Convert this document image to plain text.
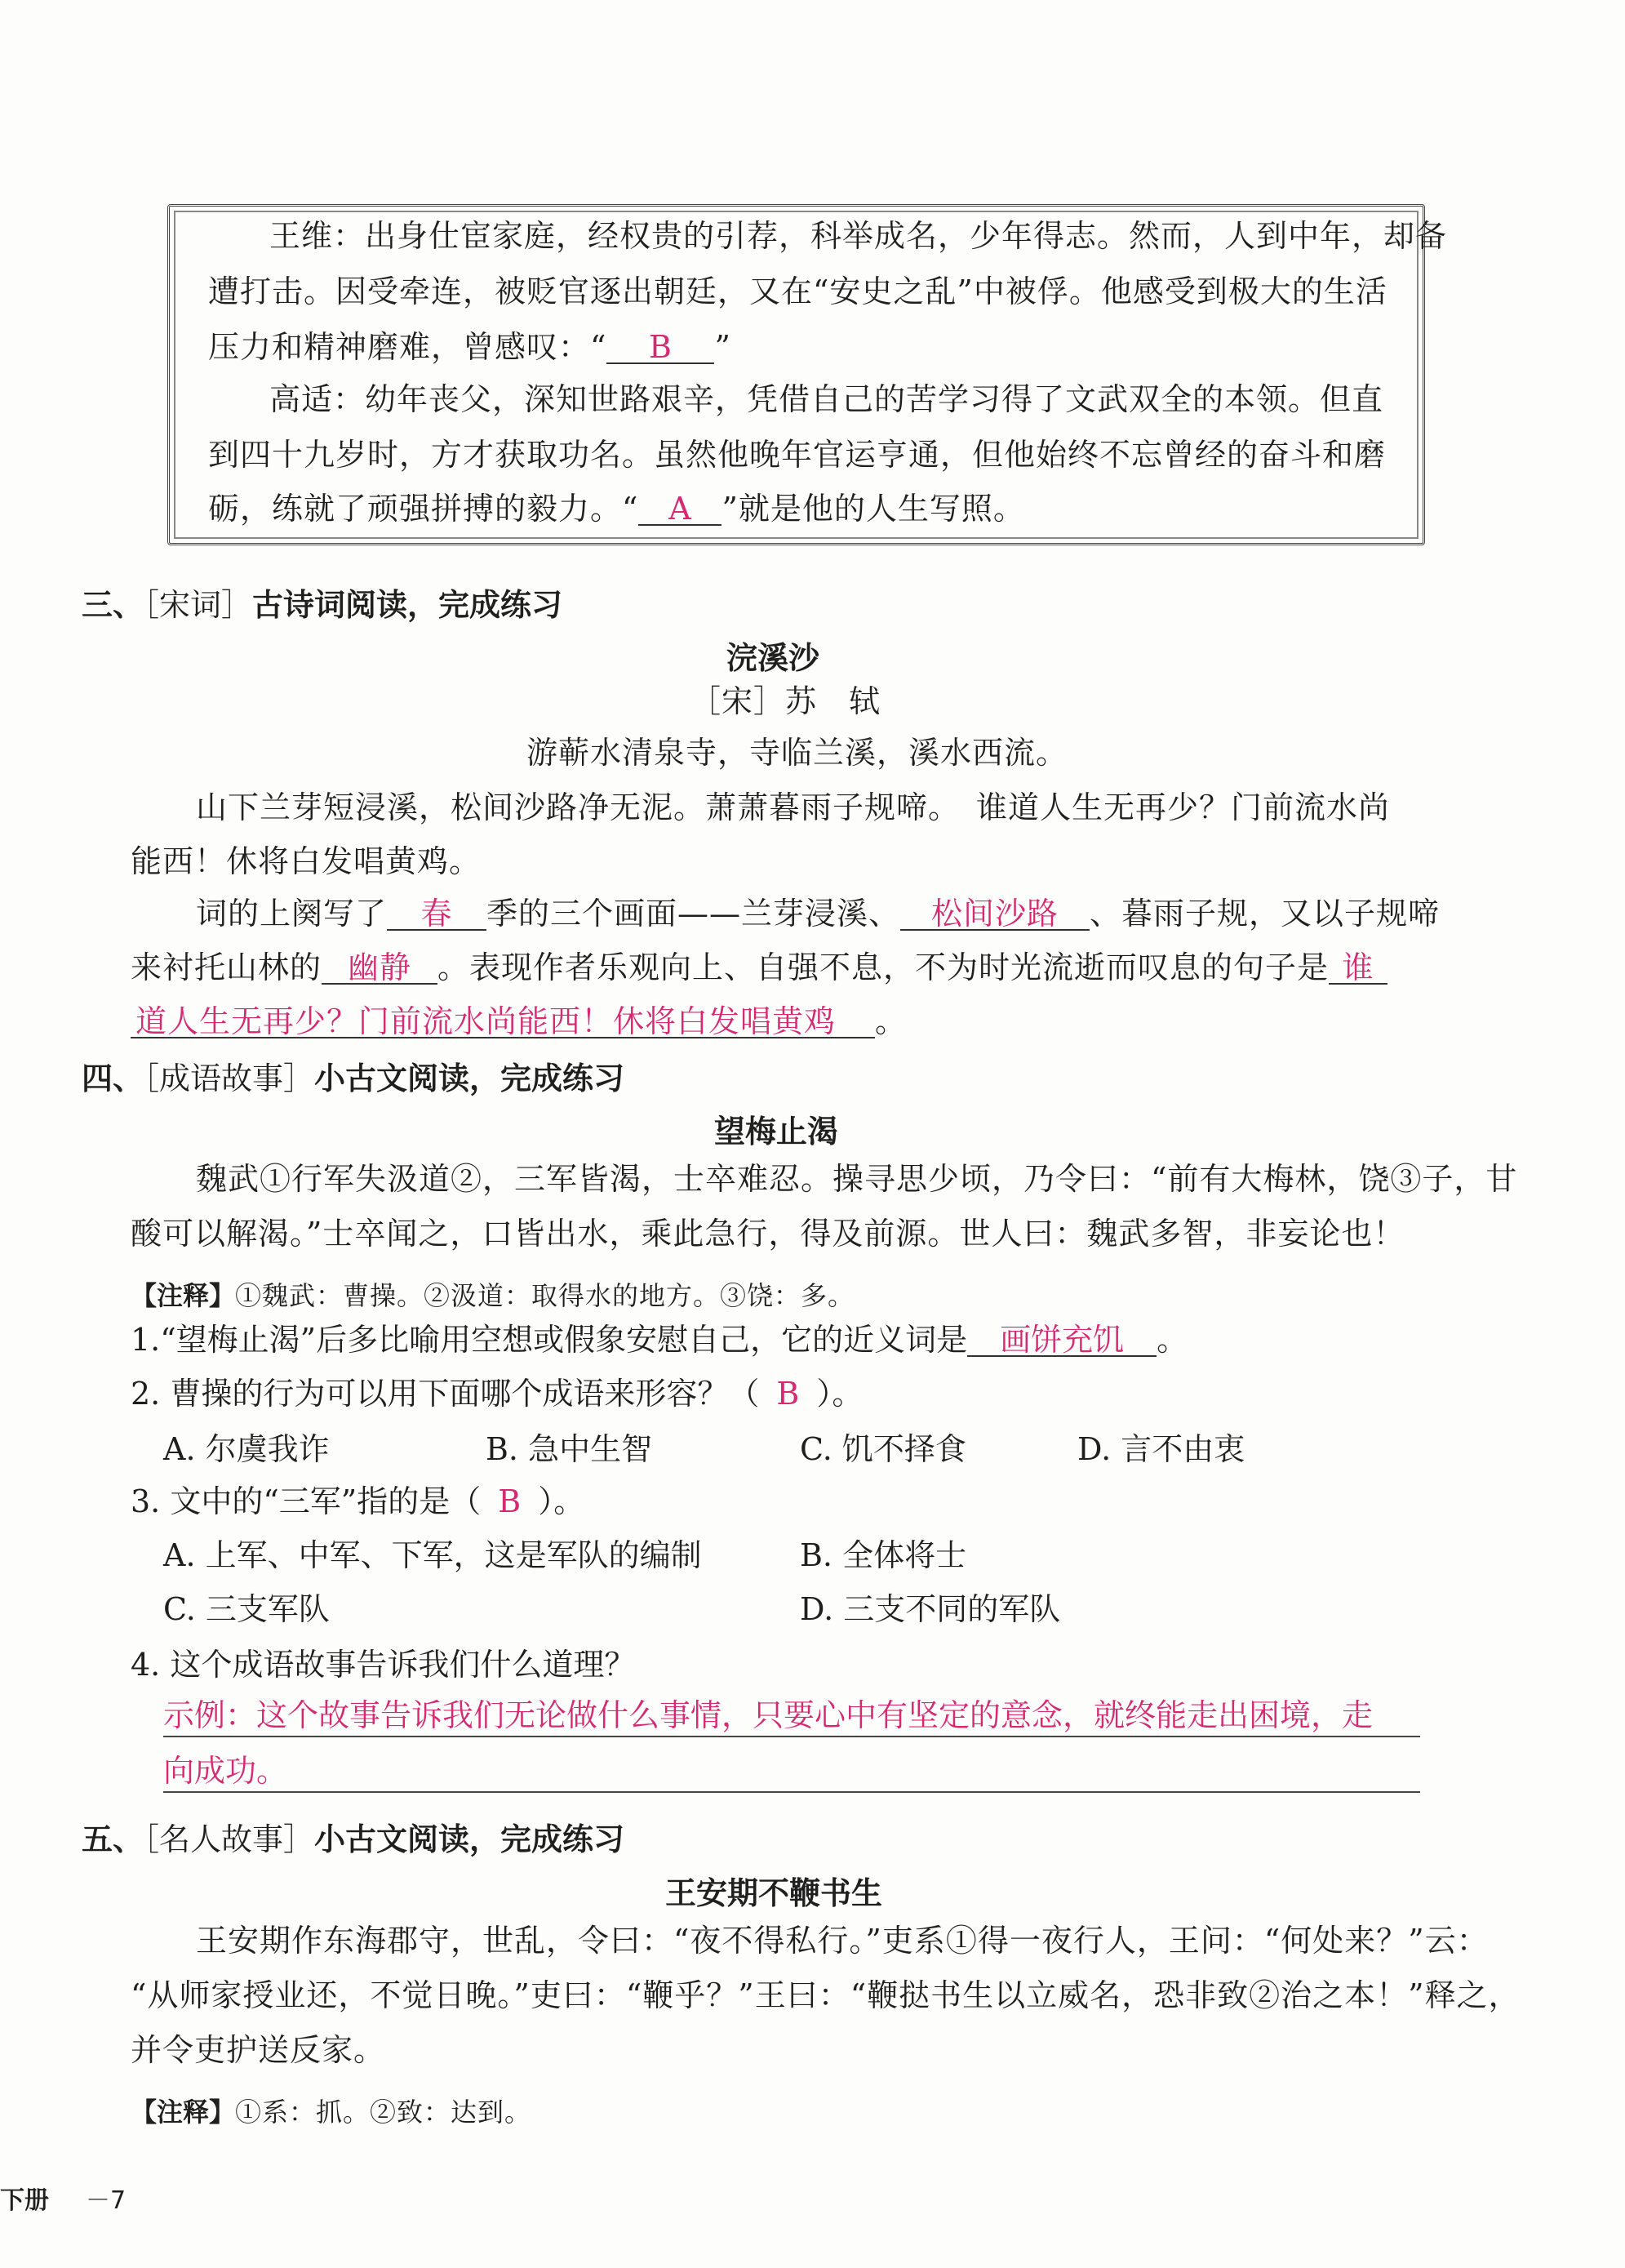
王维：出身仕宦家庭，经权贵的引荐，科举成名，少年得志。然而，人到中年，却备
遭打击。因受牵连，被贬官逐出朝廷，又在“安史之乱”中被俘。他感受到极大的生活
压力和精神磨难，曾感叹：“ B ”
高适：幼年丧父，深知世路艰辛，凭借自己的苦学习得了文武双全的本领。但直
到四十九岁时，方才获取功名。虽然他晚年官运亨通，但他始终不忘曾经的奋斗和磨
砺，练就了顽强拼搏的毅力。“ A ”就是他的人生写照。
三、［宋词］古诗词阅读，完成练习
浣溪沙
［宋］苏　轼
游蕲水清泉寺，寺临兰溪，溪水西流。
山下兰芽短浸溪，松间沙路净无泥。萧萧暮雨子规啼。　谁道人生无再少？门前流水尚
能西！休将白发唱黄鸡。
词的上阕写了 春 季的三个画面——兰芽浸溪、 松间沙路 、暮雨子规，又以子规啼
来衬托山林的 幽静 。表现作者乐观向上、自强不息，不为时光流逝而叹息的句子是 谁
道人生无再少？门前流水尚能西！休将白发唱黄鸡 。
四、［成语故事］小古文阅读，完成练习
望梅止渴
魏武①行军失汲道②，三军皆渴，士卒难忍。操寻思少顷，乃令曰：“前有大梅林，饶③子，甘
酸可以解渴。”士卒闻之，口皆出水，乘此急行，得及前源。世人曰：魏武多智，非妄论也！
【注释】①魏武：曹操。②汲道：取得水的地方。③饶：多。
1.“望梅止渴”后多比喻用空想或假象安慰自己，它的近义词是 画饼充饥 。
2. 曹操的行为可以用下面哪个成语来形容？（ B ）。
A. 尔虞我诈	B. 急中生智	C. 饥不择食	D. 言不由衷
3. 文中的“三军”指的是（ B ）。
A. 上军、中军、下军，这是军队的编制	B. 全体将士
C. 三支军队	D. 三支不同的军队
4. 这个成语故事告诉我们什么道理？
示例：这个故事告诉我们无论做什么事情，只要心中有坚定的意念，就终能走出困境，走
向成功。
五、［名人故事］小古文阅读，完成练习
王安期不鞭书生
王安期作东海郡守，世乱，令曰：“夜不得私行。”吏系①得一夜行人，王问：“何处来？”云：
“从师家授业还，不觉日晚。”吏曰：“鞭乎？”王曰：“鞭挞书生以立威名，恐非致②治之本！”释之，
并令吏护送反家。
【注释】①系：抓。②致：达到。
下册 －7
